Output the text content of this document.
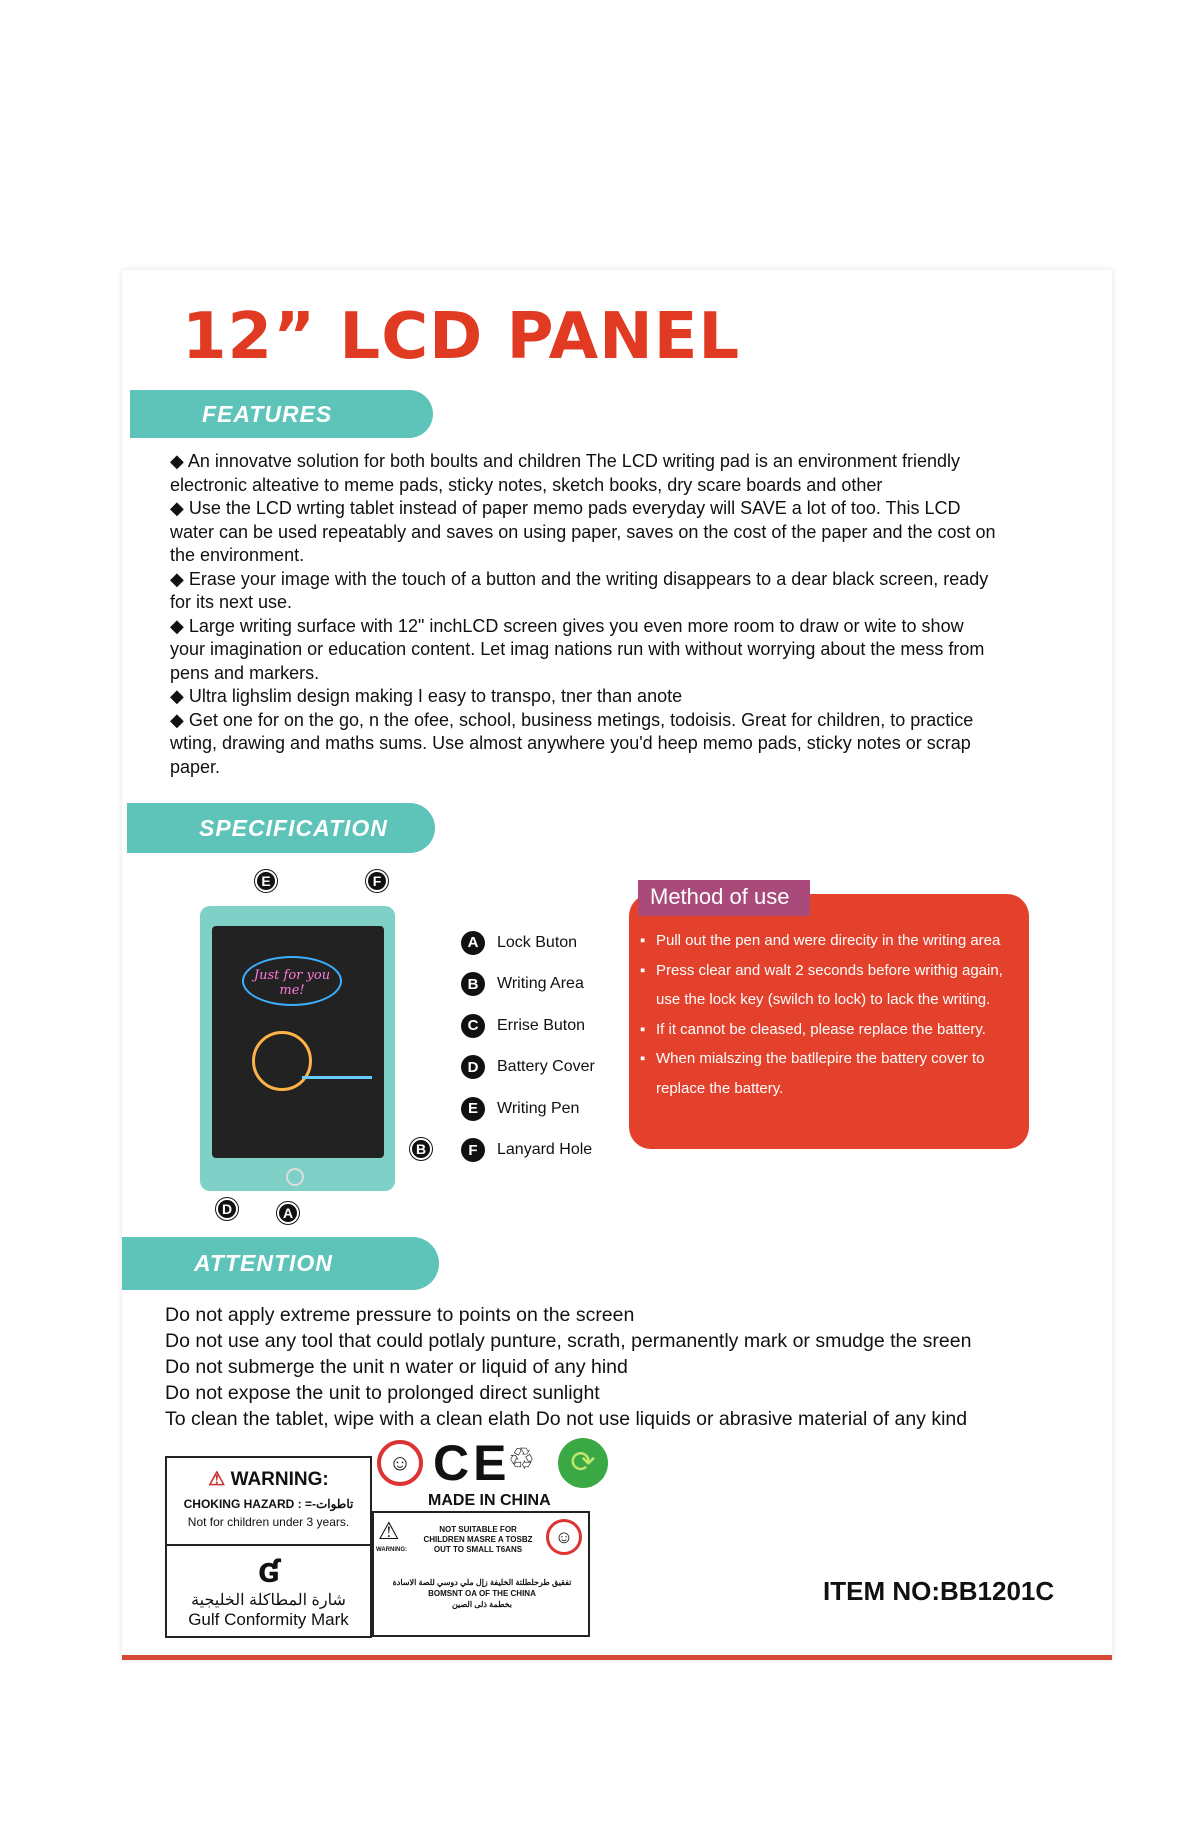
12” LCD PANEL
FEATURES
◆ An innovatve solution for both boults and children The LCD writing pad is an environment friendly electronic alteative to meme pads, sticky notes, sketch books, dry scare boards and other
◆ Use the LCD wrting tablet instead of paper memo pads everyday will SAVE a lot of too. This LCD water can be used repeatably and saves on using paper, saves on the cost of the paper and the cost on the environment.
◆ Erase your image with the touch of a button and the writing disappears to a dear black screen, ready for its next use.
◆ Large writing surface with 12" inchLCD screen gives you even more room to draw or wite to show your imagination or education content. Let imag nations run with without worrying about the mess from pens and markers.
◆ Ultra lighslim design making I easy to transpo, tner than anote
◆ Get one for on the go, n the ofee, school, business metings, todoisis. Great for children, to practice wting, drawing and maths sums. Use almost anywhere you'd heep memo pads, sticky notes or scrap paper.
SPECIFICATION
Just for you me!
E	F
B
D	A
A	Lock Buton
B	Writing Area
C	Errise Buton
D	Battery Cover
E	Writing Pen
F	Lanyard Hole
Method of use
▪ Pull out the pen and were direcity in the writing area
▪ Press clear and walt 2 seconds before writhig again, use the lock key (swilch to lock) to lack the writing.
▪ If it cannot be cleased, please replace the battery.
▪ When mialszing the batllepire the battery cover to replace the battery.
ATTENTION
Do not apply extreme pressure to points on the screen
Do not use any tool that could potlaly punture, scrath, permanently mark or smudge the sreen
Do not submerge the unit n water or liquid of any hind
Do not expose the unit to prolonged direct sunlight
To clean the tablet, wipe with a clean elath Do not use liquids or abrasive material of any kind
⚠ WARNING:
CHOKING HAZARD : =-تاطوات
Not for children under 3 years.
ʛ
شارة المطاكلة الخليجية
Gulf Conformity Mark
☺ CE
♲	⟳
MADE IN CHINA
⚠
WARNING:
NOT SUITABLE FOR CHILDREN MASRE A TOSBZ OUT TO SMALL T6ANS
☺
تفقيق طرحلطلتة الخليفة زإل ملي دوسي للصة الاسادة
BOMSNT OA OF THE CHINA
بخطمة ذلى الصين	ITEM NO:BB1201C
